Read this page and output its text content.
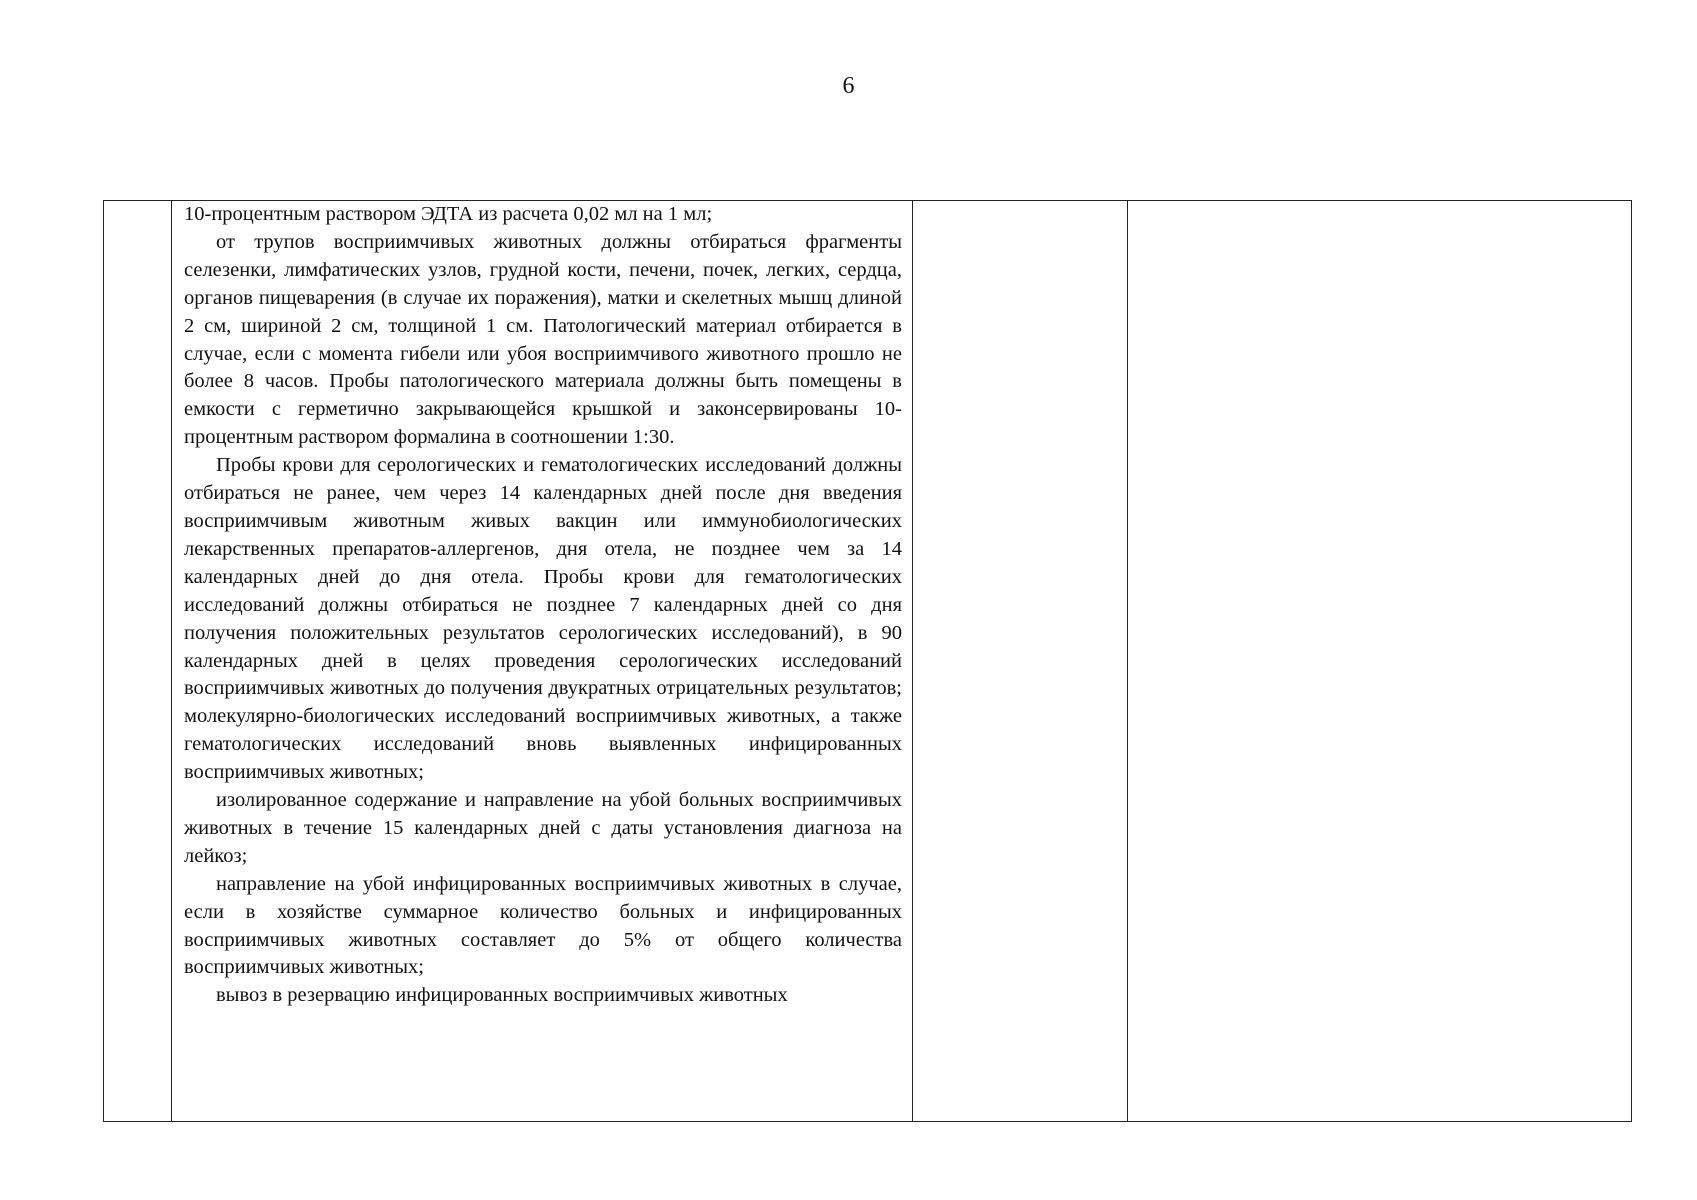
6

10-процентным раствором ЭДТА из расчета 0,02 мл на 1 мл;

от трупов восприимчивых животных должны отбираться фрагменты селезенки, лимфатических узлов, грудной кости, печени, почек, легких, сердца, органов пищеварения (в случае их поражения), матки и скелетных мышц длиной 2 см, шириной 2 см, толщиной 1 см. Патологический материал отбирается в случае, если с момента гибели или убоя восприимчивого животного прошло не более 8 часов. Пробы патологического материала должны быть помещены в емкости с герметично закрывающейся крышкой и законсервированы 10-процентным раствором формалина в соотношении 1:30.

Пробы крови для серологических и гематологических исследований должны отбираться не ранее, чем через 14 календарных дней после дня введения восприимчивым животным живых вакцин или иммунобиологических лекарственных препаратов-аллергенов, дня отела, не позднее чем за 14 календарных дней до дня отела. Пробы крови для гематологических исследований должны отбираться не позднее 7 календарных дней со дня получения положительных результатов серологических исследований), в 90 календарных дней в целях проведения серологических исследований восприимчивых животных до получения двукратных отрицательных результатов; молекулярно-биологических исследований восприимчивых животных, а также гематологических исследований вновь выявленных инфицированных восприимчивых животных;

изолированное содержание и направление на убой больных восприимчивых животных в течение 15 календарных дней с даты установления диагноза на лейкоз;

направление на убой инфицированных восприимчивых животных в случае, если в хозяйстве суммарное количество больных и инфицированных восприимчивых животных составляет до 5% от общего количества восприимчивых животных;

вывоз в резервацию инфицированных восприимчивых животных
